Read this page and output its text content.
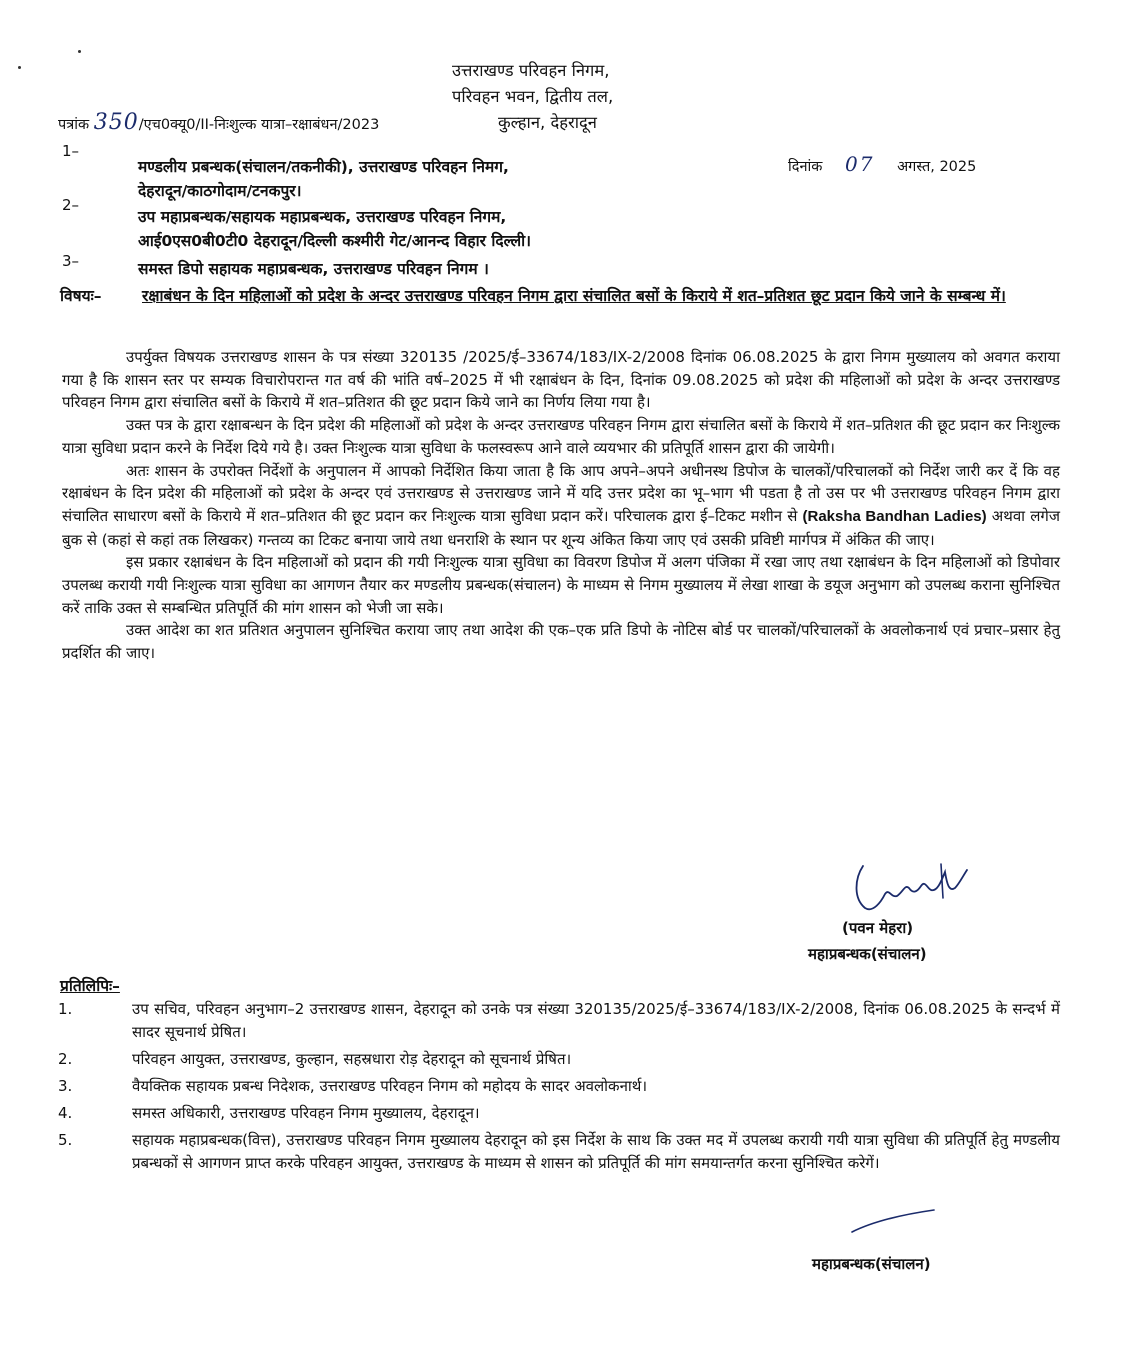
उत्तराखण्ड परिवहन निगम,
परिवहन भवन, द्वितीय तल,
कुल्हान, देहरादून
पत्रांक 350/एच0क्यू0/II-निःशुल्क यात्रा–रक्षाबंधन/2023
दिनांक 07 अगस्त, 2025
1–
मण्डलीय प्रबन्धक(संचालन/तकनीकी), उत्तराखण्ड परिवहन निमग,
देहरादून/काठगोदाम/टनकपुर।
2–
उप महाप्रबन्धक/सहायक महाप्रबन्धक, उत्तराखण्ड परिवहन निगम,
आई0एस0बी0टी0 देहरादून/दिल्ली कश्मीरी गेट/आनन्द विहार दिल्ली।
3–	समस्त डिपो सहायक महाप्रबन्धक, उत्तराखण्ड परिवहन निगम ।
विषयः–	रक्षाबंधन के दिन महिलाओं को प्रदेश के अन्दर उत्तराखण्ड परिवहन निगम द्वारा संचालित बसों के किराये में शत–प्रतिशत छूट प्रदान किये जाने के सम्बन्ध में।

उपर्युक्त विषयक उत्तराखण्ड शासन के पत्र संख्या 320135 /2025/ई–33674/183/IX-2/2008 दिनांक 06.08.2025 के द्वारा निगम मुख्यालय को अवगत कराया गया है कि शासन स्तर पर सम्यक विचारोपरान्त गत वर्ष की भांति वर्ष–2025 में भी रक्षाबंधन के दिन, दिनांक 09.08.2025 को प्रदेश की महिलाओं को प्रदेश के अन्दर उत्तराखण्ड परिवहन निगम द्वारा संचालित बसों के किराये में शत–प्रतिशत की छूट प्रदान किये जाने का निर्णय लिया गया है।

उक्त पत्र के द्वारा रक्षाबन्धन के दिन प्रदेश की महिलाओं को प्रदेश के अन्दर उत्तराखण्ड परिवहन निगम द्वारा संचालित बसों के किराये में शत–प्रतिशत की छूट प्रदान कर निःशुल्क यात्रा सुविधा प्रदान करने के निर्देश दिये गये है। उक्त निःशुल्क यात्रा सुविधा के फलस्वरूप आने वाले व्ययभार की प्रतिपूर्ति शासन द्वारा की जायेगी।

अतः शासन के उपरोक्त निर्देशों के अनुपालन में आपको निर्देशित किया जाता है कि आप अपने–अपने अधीनस्थ डिपोज के चालकों/परिचालकों को निर्देश जारी कर दें कि वह रक्षाबंधन के दिन प्रदेश की महिलाओं को प्रदेश के अन्दर एवं उत्तराखण्ड से उत्तराखण्ड जाने में यदि उत्तर प्रदेश का भू–भाग भी पडता है तो उस पर भी उत्तराखण्ड परिवहन निगम द्वारा संचालित साधारण बसों के किराये में शत–प्रतिशत की छूट प्रदान कर निःशुल्क यात्रा सुविधा प्रदान करें। परिचालक द्वारा ई–टिकट मशीन से (Raksha Bandhan Ladies) अथवा लगेज बुक से (कहां से कहां तक लिखकर) गन्तव्य का टिकट बनाया जाये तथा धनराशि के स्थान पर शून्य अंकित किया जाए एवं उसकी प्रविष्टी मार्गपत्र में अंकित की जाए।

इस प्रकार रक्षाबंधन के दिन महिलाओं को प्रदान की गयी निःशुल्क यात्रा सुविधा का विवरण डिपोज में अलग पंजिका में रखा जाए तथा रक्षाबंधन के दिन महिलाओं को डिपोवार उपलब्ध करायी गयी निःशुल्क यात्रा सुविधा का आगणन तैयार कर मण्डलीय प्रबन्धक(संचालन) के माध्यम से निगम मुख्यालय में लेखा शाखा के डयूज अनुभाग को उपलब्ध कराना सुनिश्चित करें ताकि उक्त से सम्बन्धित प्रतिपूर्ति की मांग शासन को भेजी जा सके।

उक्त आदेश का शत प्रतिशत अनुपालन सुनिश्चित कराया जाए तथा आदेश की एक–एक प्रति डिपो के नोटिस बोर्ड पर चालकों/परिचालकों के अवलोकनार्थ एवं प्रचार–प्रसार हेतु प्रदर्शित की जाए।

(पवन मेहरा)
महाप्रबन्धक(संचालन)
प्रतिलिपिः–
1.	उप सचिव, परिवहन अनुभाग–2 उत्तराखण्ड शासन, देहरादून को उनके पत्र संख्या 320135/2025/ई–33674/183/IX-2/2008, दिनांक 06.08.2025 के सन्दर्भ में सादर सूचनार्थ प्रेषित।
2.	परिवहन आयुक्त, उत्तराखण्ड, कुल्हान, सहस्रधारा रोड़ देहरादून को सूचनार्थ प्रेषित।
3.	वैयक्तिक सहायक प्रबन्ध निदेशक, उत्तराखण्ड परिवहन निगम को महोदय के सादर अवलोकनार्थ।
4.	समस्त अधिकारी, उत्तराखण्ड परिवहन निगम मुख्यालय, देहरादून।
5.	सहायक महाप्रबन्धक(वित्त), उत्तराखण्ड परिवहन निगम मुख्यालय देहरादून को इस निर्देश के साथ कि उक्त मद में उपलब्ध करायी गयी यात्रा सुविधा की प्रतिपूर्ति हेतु मण्डलीय प्रबन्धकों से आगणन प्राप्त करके परिवहन आयुक्त, उत्तराखण्ड के माध्यम से शासन को प्रतिपूर्ति की मांग समयान्तर्गत करना सुनिश्चित करेगें।
महाप्रबन्धक(संचालन)
